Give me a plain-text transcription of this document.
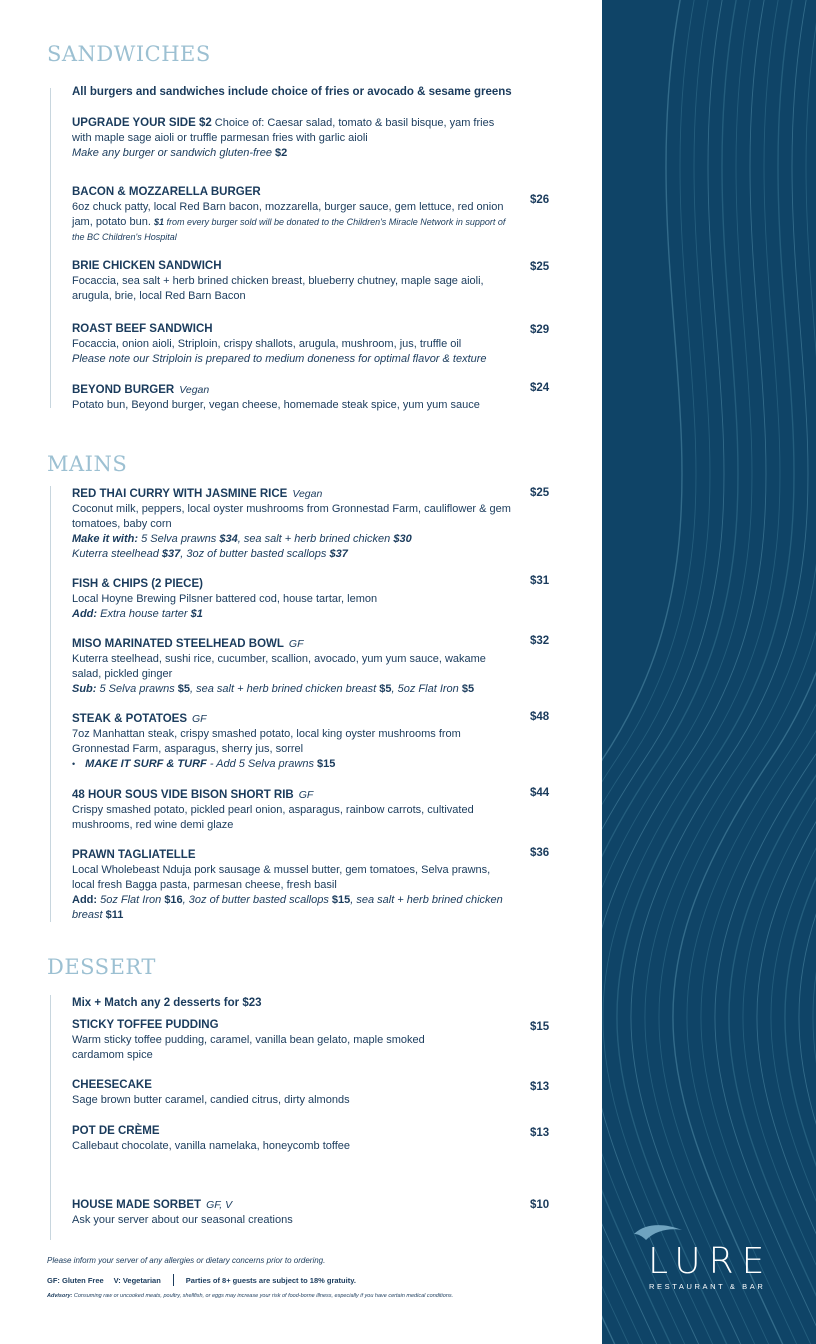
LURE
RESTAURANT & BAR
SANDWICHES
All burgers and sandwiches include choice of fries or avocado & sesame greens
UPGRADE YOUR SIDE $2 Choice of: Caesar salad, tomato & basil bisque, yam fries with maple sage aioli or truffle parmesan fries with garlic aioli
Make any burger or sandwich gluten-free $2
BACON & MOZZARELLA BURGER
6oz chuck patty, local Red Barn bacon, mozzarella, burger sauce, gem lettuce, red onion jam, potato bun. $1 from every burger sold will be donated to the Children's Miracle Network in support of the BC Children's Hospital
$26
BRIE CHICKEN SANDWICH
Focaccia, sea salt + herb brined chicken breast, blueberry chutney, maple sage aioli, arugula, brie, local Red Barn Bacon
$25
ROAST BEEF SANDWICH
Focaccia, onion aioli, Striploin, crispy shallots, arugula, mushroom, jus, truffle oil
Please note our Striploin is prepared to medium doneness for optimal flavor & texture
$29
BEYOND BURGER Vegan
Potato bun, Beyond burger, vegan cheese, homemade steak spice, yum yum sauce
$24
MAINS
RED THAI CURRY WITH JASMINE RICE Vegan
Coconut milk, peppers, local oyster mushrooms from Gronnestad Farm, cauliflower & gem tomatoes, baby corn
Make it with: 5 Selva prawns $34, sea salt + herb brined chicken $30
Kuterra steelhead $37, 3oz of butter basted scallops $37
$25
FISH & CHIPS (2 PIECE)
Local Hoyne Brewing Pilsner battered cod, house tartar, lemon
Add: Extra house tarter $1
$31
MISO MARINATED STEELHEAD BOWL GF
Kuterra steelhead, sushi rice, cucumber, scallion, avocado, yum yum sauce, wakame salad, pickled ginger
Sub: 5 Selva prawns $5, sea salt + herb brined chicken breast $5, 5oz Flat Iron $5
$32
STEAK & POTATOES GF
7oz Manhattan steak, crispy smashed potato, local king oyster mushrooms from Gronnestad Farm, asparagus, sherry jus, sorrel
• MAKE IT SURF & TURF - Add 5 Selva prawns $15
$48
48 HOUR SOUS VIDE BISON SHORT RIB GF
Crispy smashed potato, pickled pearl onion, asparagus, rainbow carrots, cultivated mushrooms, red wine demi glaze
$44
PRAWN TAGLIATELLE
Local Wholebeast Nduja pork sausage & mussel butter, gem tomatoes, Selva prawns, local fresh Bagga pasta, parmesan cheese, fresh basil
Add: 5oz Flat Iron $16, 3oz of butter basted scallops $15, sea salt + herb brined chicken breast $11
$36
DESSERT
Mix + Match any 2 desserts for $23
STICKY TOFFEE PUDDING
Warm sticky toffee pudding, caramel, vanilla bean gelato, maple smoked cardamom spice
$15
CHEESECAKE
Sage brown butter caramel, candied citrus, dirty almonds
$13
POT DE CRÈME
Callebaut chocolate, vanilla namelaka, honeycomb toffee
$13
HOUSE MADE SORBET GF, V
Ask your server about our seasonal creations
$10
Please inform your server of any allergies or dietary concerns prior to ordering.
GF: Gluten Free V: Vegetarian	Parties of 8+ guests are subject to 18% gratuity.
Advisory: Consuming raw or uncooked meats, poultry, shellfish, or eggs may increase your risk of food-borne illness, especially if you have certain medical conditions.
